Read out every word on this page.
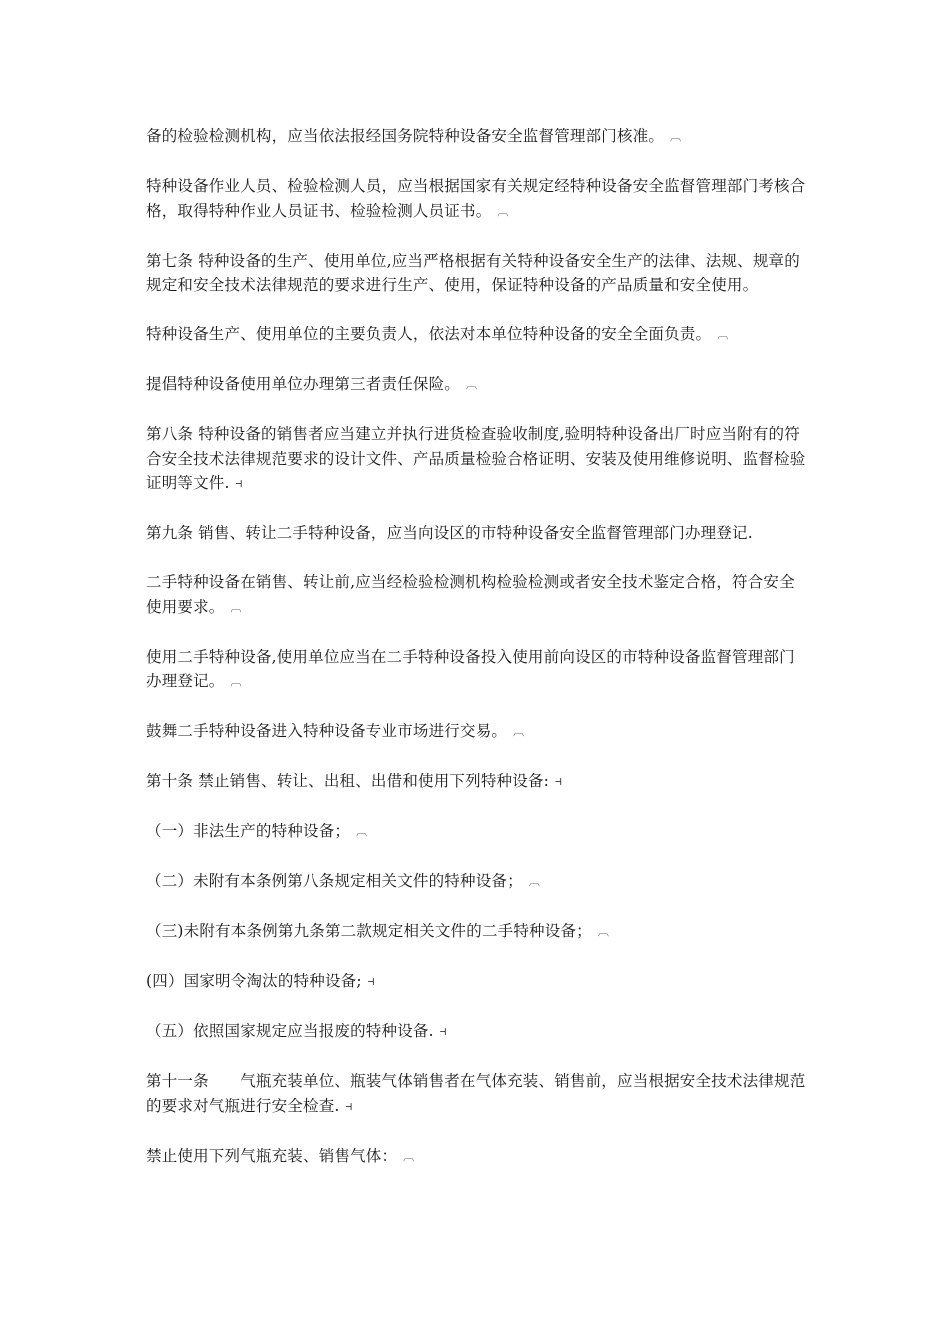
备的检验检测机构，应当依法报经国务院特种设备安全监督管理部门核准。 ︹

特种设备作业人员、检验检测人员，应当根据国家有关规定经特种设备安全监督管理部门考核合格，取得特种作业人员证书、检验检测人员证书。 ︹

第七条 特种设备的生产、使用单位,应当严格根据有关特种设备安全生产的法律、法规、规章的规定和安全技术法律规范的要求进行生产、使用，保证特种设备的产品质量和安全使用。

特种设备生产、使用单位的主要负责人，依法对本单位特种设备的安全全面负责。 ︹

提倡特种设备使用单位办理第三者责任保险。 ︹

第八条 特种设备的销售者应当建立并执行进货检查验收制度,验明特种设备出厂时应当附有的符合安全技术法律规范要求的设计文件、产品质量检验合格证明、安装及使用维修说明、监督检验证明等文件. ⊣

第九条 销售、转让二手特种设备，应当向设区的市特种设备安全监督管理部门办理登记.

二手特种设备在销售、转让前,应当经检验检测机构检验检测或者安全技术鉴定合格，符合安全使用要求。 ︹

使用二手特种设备,使用单位应当在二手特种设备投入使用前向设区的市特种设备监督管理部门办理登记。 ︹

鼓舞二手特种设备进入特种设备专业市场进行交易。 ︹

第十条 禁止销售、转让、出租、出借和使用下列特种设备: ⊣

（一）非法生产的特种设备； ︹

（二）未附有本条例第八条规定相关文件的特种设备； ︹

（三)未附有本条例第九条第二款规定相关文件的二手特种设备； ︹

(四）国家明令淘汰的特种设备; ⊣

（五）依照国家规定应当报废的特种设备. ⊣

第十一条　　气瓶充装单位、瓶装气体销售者在气体充装、销售前，应当根据安全技术法律规范的要求对气瓶进行安全检查. ⊣

禁止使用下列气瓶充装、销售气体： ︹
